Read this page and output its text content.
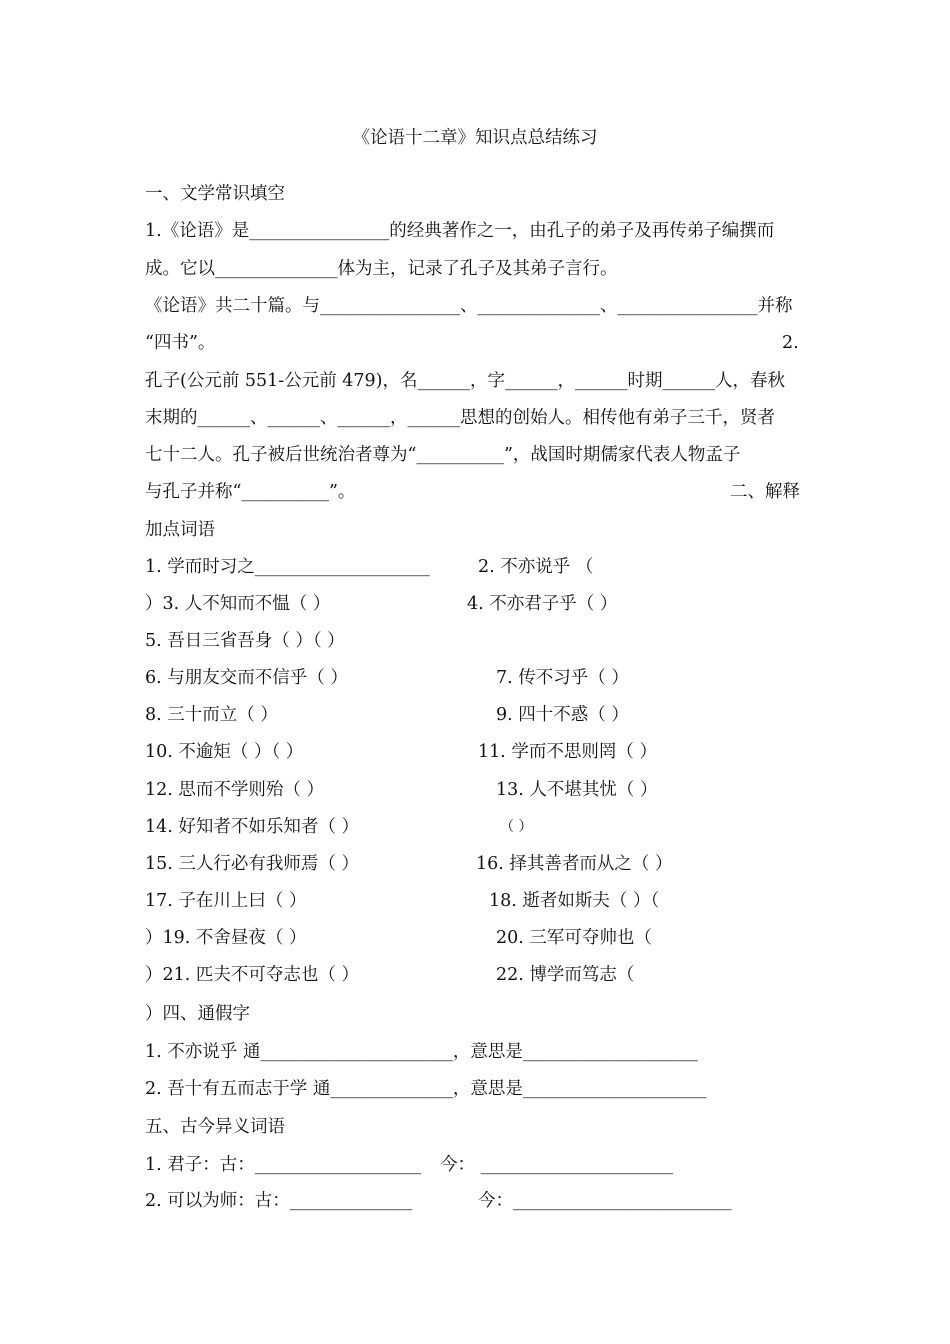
《论语十二章》知识点总结练习
一、文学常识填空
1.《论语》是________________的经典著作之一，由孔子的弟子及再传弟子编撰而
成。它以______________体为主，记录了孔子及其弟子言行。
《论语》共二十篇。与________________、______________、________________并称
“四书”。	2.
孔子(公元前 551-公元前 479)，名______，字______，______时期______人，春秋
末期的______、______、______，______思想的创始人。相传他有弟子三千，贤者
七十二人。孔子被后世统治者尊为“__________”，战国时期儒家代表人物孟子
与孔子并称“__________”。	二、解释
加点词语
1. 学而时习之____________________	2. 不亦说乎 （
）3. 人不知而不愠（ ）	4. 不亦君子乎（ ）
5. 吾日三省吾身（ ）（ ）
6. 与朋友交而不信乎（ ）	7. 传不习乎（ ）
8. 三十而立（ ）	9. 四十不惑（ ）
10. 不逾矩（ ）（ ）	11. 学而不思则罔（ ）
12. 思而不学则殆（ ）	13. 人不堪其忧（ ）
14. 好知者不如乐知者（ ）	（ ）
15. 三人行必有我师焉（ ）	16. 择其善者而从之（ ）
17. 子在川上曰（ ）	18. 逝者如斯夫（ ）（
）19. 不舍昼夜（ ）	20. 三军可夺帅也（
）21. 匹夫不可夺志也（ ）	22. 博学而笃志（
）四、通假字
1. 不亦说乎 通______________________，意思是____________________
2. 吾十有五而志于学 通______________，意思是_____________________
五、古今异义词语
1. 君子：古：___________________ 今： ______________________
2. 可以为师：古：______________	今：_________________________
